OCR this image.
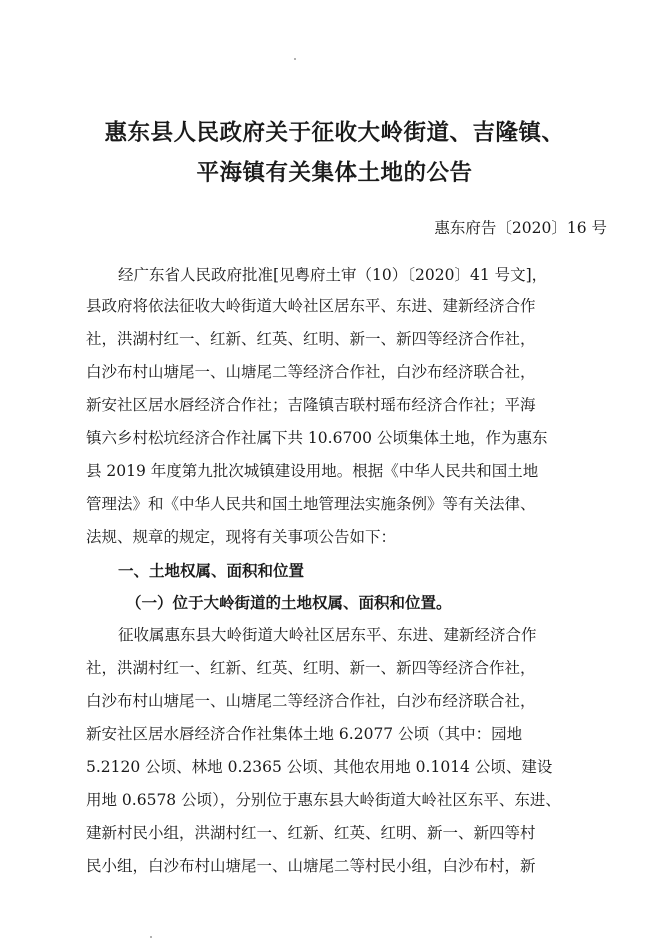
惠东县人民政府关于征收大岭街道、吉隆镇、
平海镇有关集体土地的公告
惠东府告〔2020〕16 号
经广东省人民政府批准[见粤府土审（10）〔2020〕41 号文]，
县政府将依法征收大岭街道大岭社区居东平、东进、建新经济合作
社，洪湖村红一、红新、红英、红明、新一、新四等经济合作社，
白沙布村山塘尾一、山塘尾二等经济合作社，白沙布经济联合社，
新安社区居水唇经济合作社；吉隆镇吉联村瑶布经济合作社；平海
镇六乡村松坑经济合作社属下共 10.6700 公顷集体土地，作为惠东
县 2019 年度第九批次城镇建设用地。根据《中华人民共和国土地
管理法》和《中华人民共和国土地管理法实施条例》等有关法律、
法规、规章的规定，现将有关事项公告如下：
一、土地权属、面积和位置
（一）位于大岭街道的土地权属、面积和位置。
征收属惠东县大岭街道大岭社区居东平、东进、建新经济合作
社，洪湖村红一、红新、红英、红明、新一、新四等经济合作社，
白沙布村山塘尾一、山塘尾二等经济合作社，白沙布经济联合社，
新安社区居水唇经济合作社集体土地 6.2077 公顷（其中：园地
5.2120 公顷、林地 0.2365 公顷、其他农用地 0.1014 公顷、建设
用地 0.6578 公顷），分别位于惠东县大岭街道大岭社区东平、东进、
建新村民小组，洪湖村红一、红新、红英、红明、新一、新四等村
民小组，白沙布村山塘尾一、山塘尾二等村民小组，白沙布村，新
